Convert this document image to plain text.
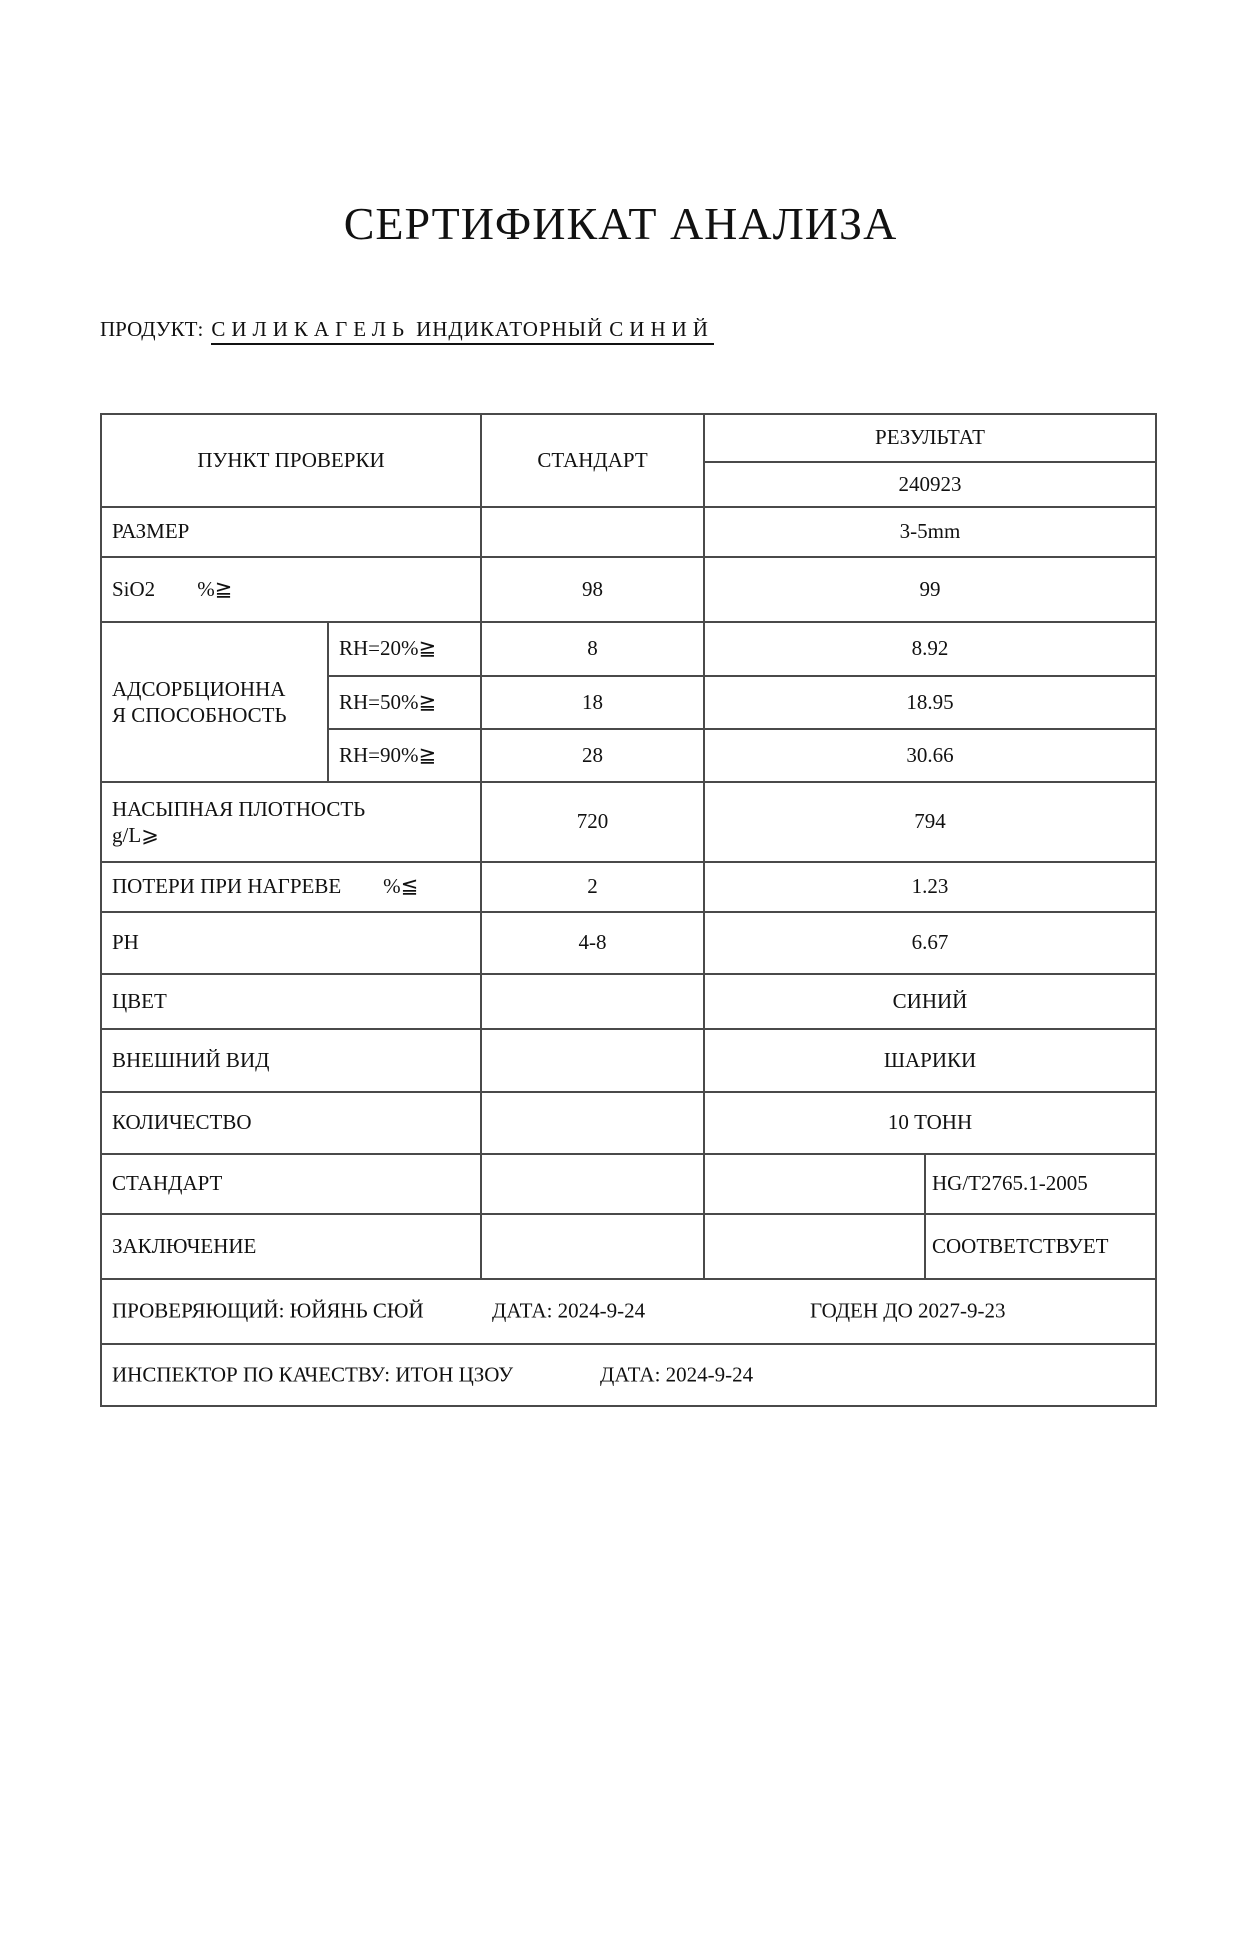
СЕРТИФИКАТ АНАЛИЗА
ПРОДУКТ: СИЛИКАГЕЛЬ ИНДИКАТОРНЫЙ СИНИЙ
ПУНКТ ПРОВЕРКИ		СТАНДАРТ	РЕЗУЛЬТАТ	
			240923	
РАЗМЕР			3-5mm	
SiO2 %≧		98	99	
АДСОРБЦИОННАЯ СПОСОБНОСТЬ	RH=20%≧	8	8.92	
	RH=50%≧	18	18.95	
	RH=90%≧	28	30.66	

НАСЫПНАЯ ПЛОТНОСТЬ
g/L⩾		720	794	
ПОТЕРИ ПРИ НАГРЕВЕ %≦		2	1.23	
PH		4-8	6.67	
ЦВЕТ			СИНИЙ	
ВНЕШНИЙ ВИД			ШАРИКИ	
КОЛИЧЕСТВО			10 ТОНН	
СТАНДАРТ				HG/T2765.1-2005
ЗАКЛЮЧЕНИЕ				СООТВЕТСТВУЕТ

ПРОВЕРЯЮЩИЙ: ЮЙЯНЬ СЮЙ ДАТА: 2024-9-24 ГОДЕН ДО 2027-9-23				

ИНСПЕКТОР ПО КАЧЕСТВУ: ИТОН ЦЗОУ ДАТА: 2024-9-24				
